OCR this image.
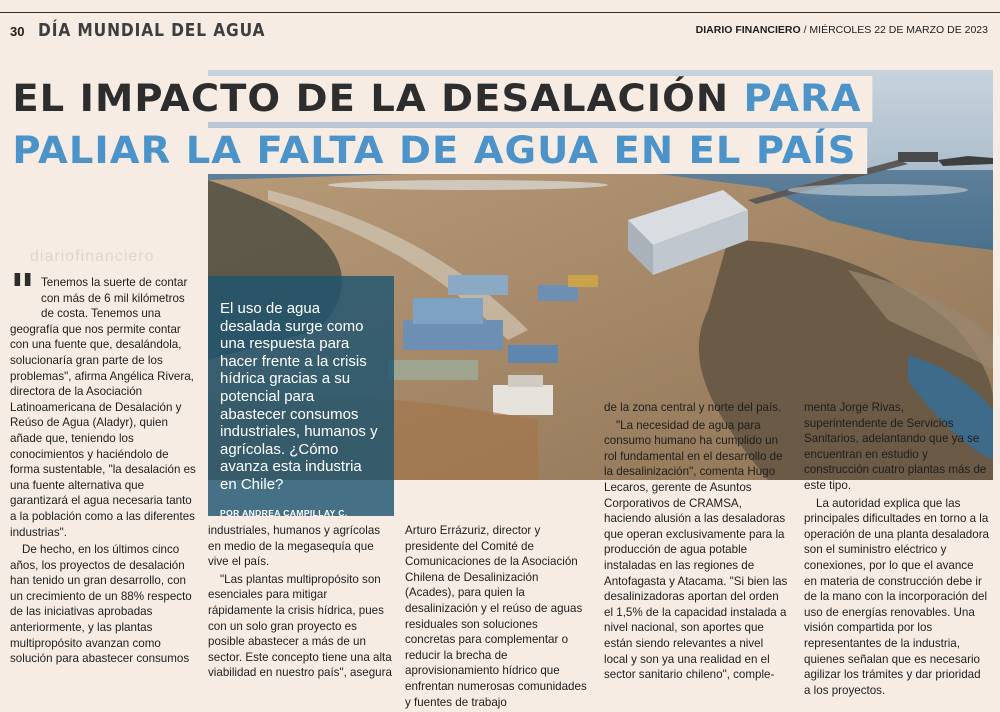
30 DÍA MUNDIAL DEL AGUA	DIARIO FINANCIERO / MIÉRCOLES 22 DE MARZO DE 2023
diariofinanciero
EL IMPACTO DE LA DESALACIÓN PARA
PALIAR LA FALTA DE AGUA EN EL PAÍS
El uso de agua desalada surge como una respuesta para hacer frente a la crisis hídrica gracias a su potencial para abastecer consumos industriales, humanos y agrícolas. ¿Cómo avanza esta industria en Chile?
POR ANDREA CAMPILLAY C.
" Tenemos la suerte de contar con más de 6 mil kilómetros de costa. Tenemos una geografía que nos permite contar con una fuente que, desalándola, solucionaría gran parte de los problemas", afirma Angélica Rivera, directora de la Asociación Latinoamericana de Desalación y Reúso de Agua (Aladyr), quien añade que, teniendo los conocimientos y haciéndolo de forma sustentable, "la desalación es una fuente alternativa que garantizará el agua necesaria tanto a la población como a las diferentes industrias".

De hecho, en los últimos cinco años, los proyectos de desalación han tenido un gran desarrollo, con un crecimiento de un 88% respecto de las iniciativas aprobadas anteriormente, y las plantas multipropósito avanzan como solución para abastecer consumos

industriales, humanos y agrícolas en medio de la megasequía que vive el país.

"Las plantas multipropósito son esenciales para mitigar rápidamente la crisis hídrica, pues con un solo gran proyecto es posible abastecer a más de un sector. Este concepto tiene una alta viabilidad en nuestro país", asegura

Arturo Errázuriz, director y presidente del Comité de Comunicaciones de la Asociación Chilena de Desalinización (Acades), para quien la desalinización y el reúso de aguas residuales son soluciones concretas para complementar o reducir la brecha de aprovisionamiento hídrico que enfrentan numerosas comunidades y fuentes de trabajo

de la zona central y norte del país.

"La necesidad de agua para consumo humano ha cumplido un rol fundamental en el desarrollo de la desalinización", comenta Hugo Lecaros, gerente de Asuntos Corporativos de CRAMSA, haciendo alusión a las desaladoras que operan exclusivamente para la producción de agua potable instaladas en las regiones de Antofagasta y Atacama. "Si bien las desalinizadoras aportan del orden el 1,5% de la capacidad instalada a nivel nacional, son aportes que están siendo relevantes a nivel local y son ya una realidad en el sector sanitario chileno", comple-

menta Jorge Rivas, superintendente de Servicios Sanitarios, adelantando que ya se encuentran en estudio y construcción cuatro plantas más de este tipo.

La autoridad explica que las principales dificultades en torno a la operación de una planta desaladora son el suministro eléctrico y conexiones, por lo que el avance en materia de construcción debe ir de la mano con la incorporación del uso de energías renovables. Una visión compartida por los representantes de la industria, quienes señalan que es necesario agilizar los trámites y dar prioridad a los proyectos.
